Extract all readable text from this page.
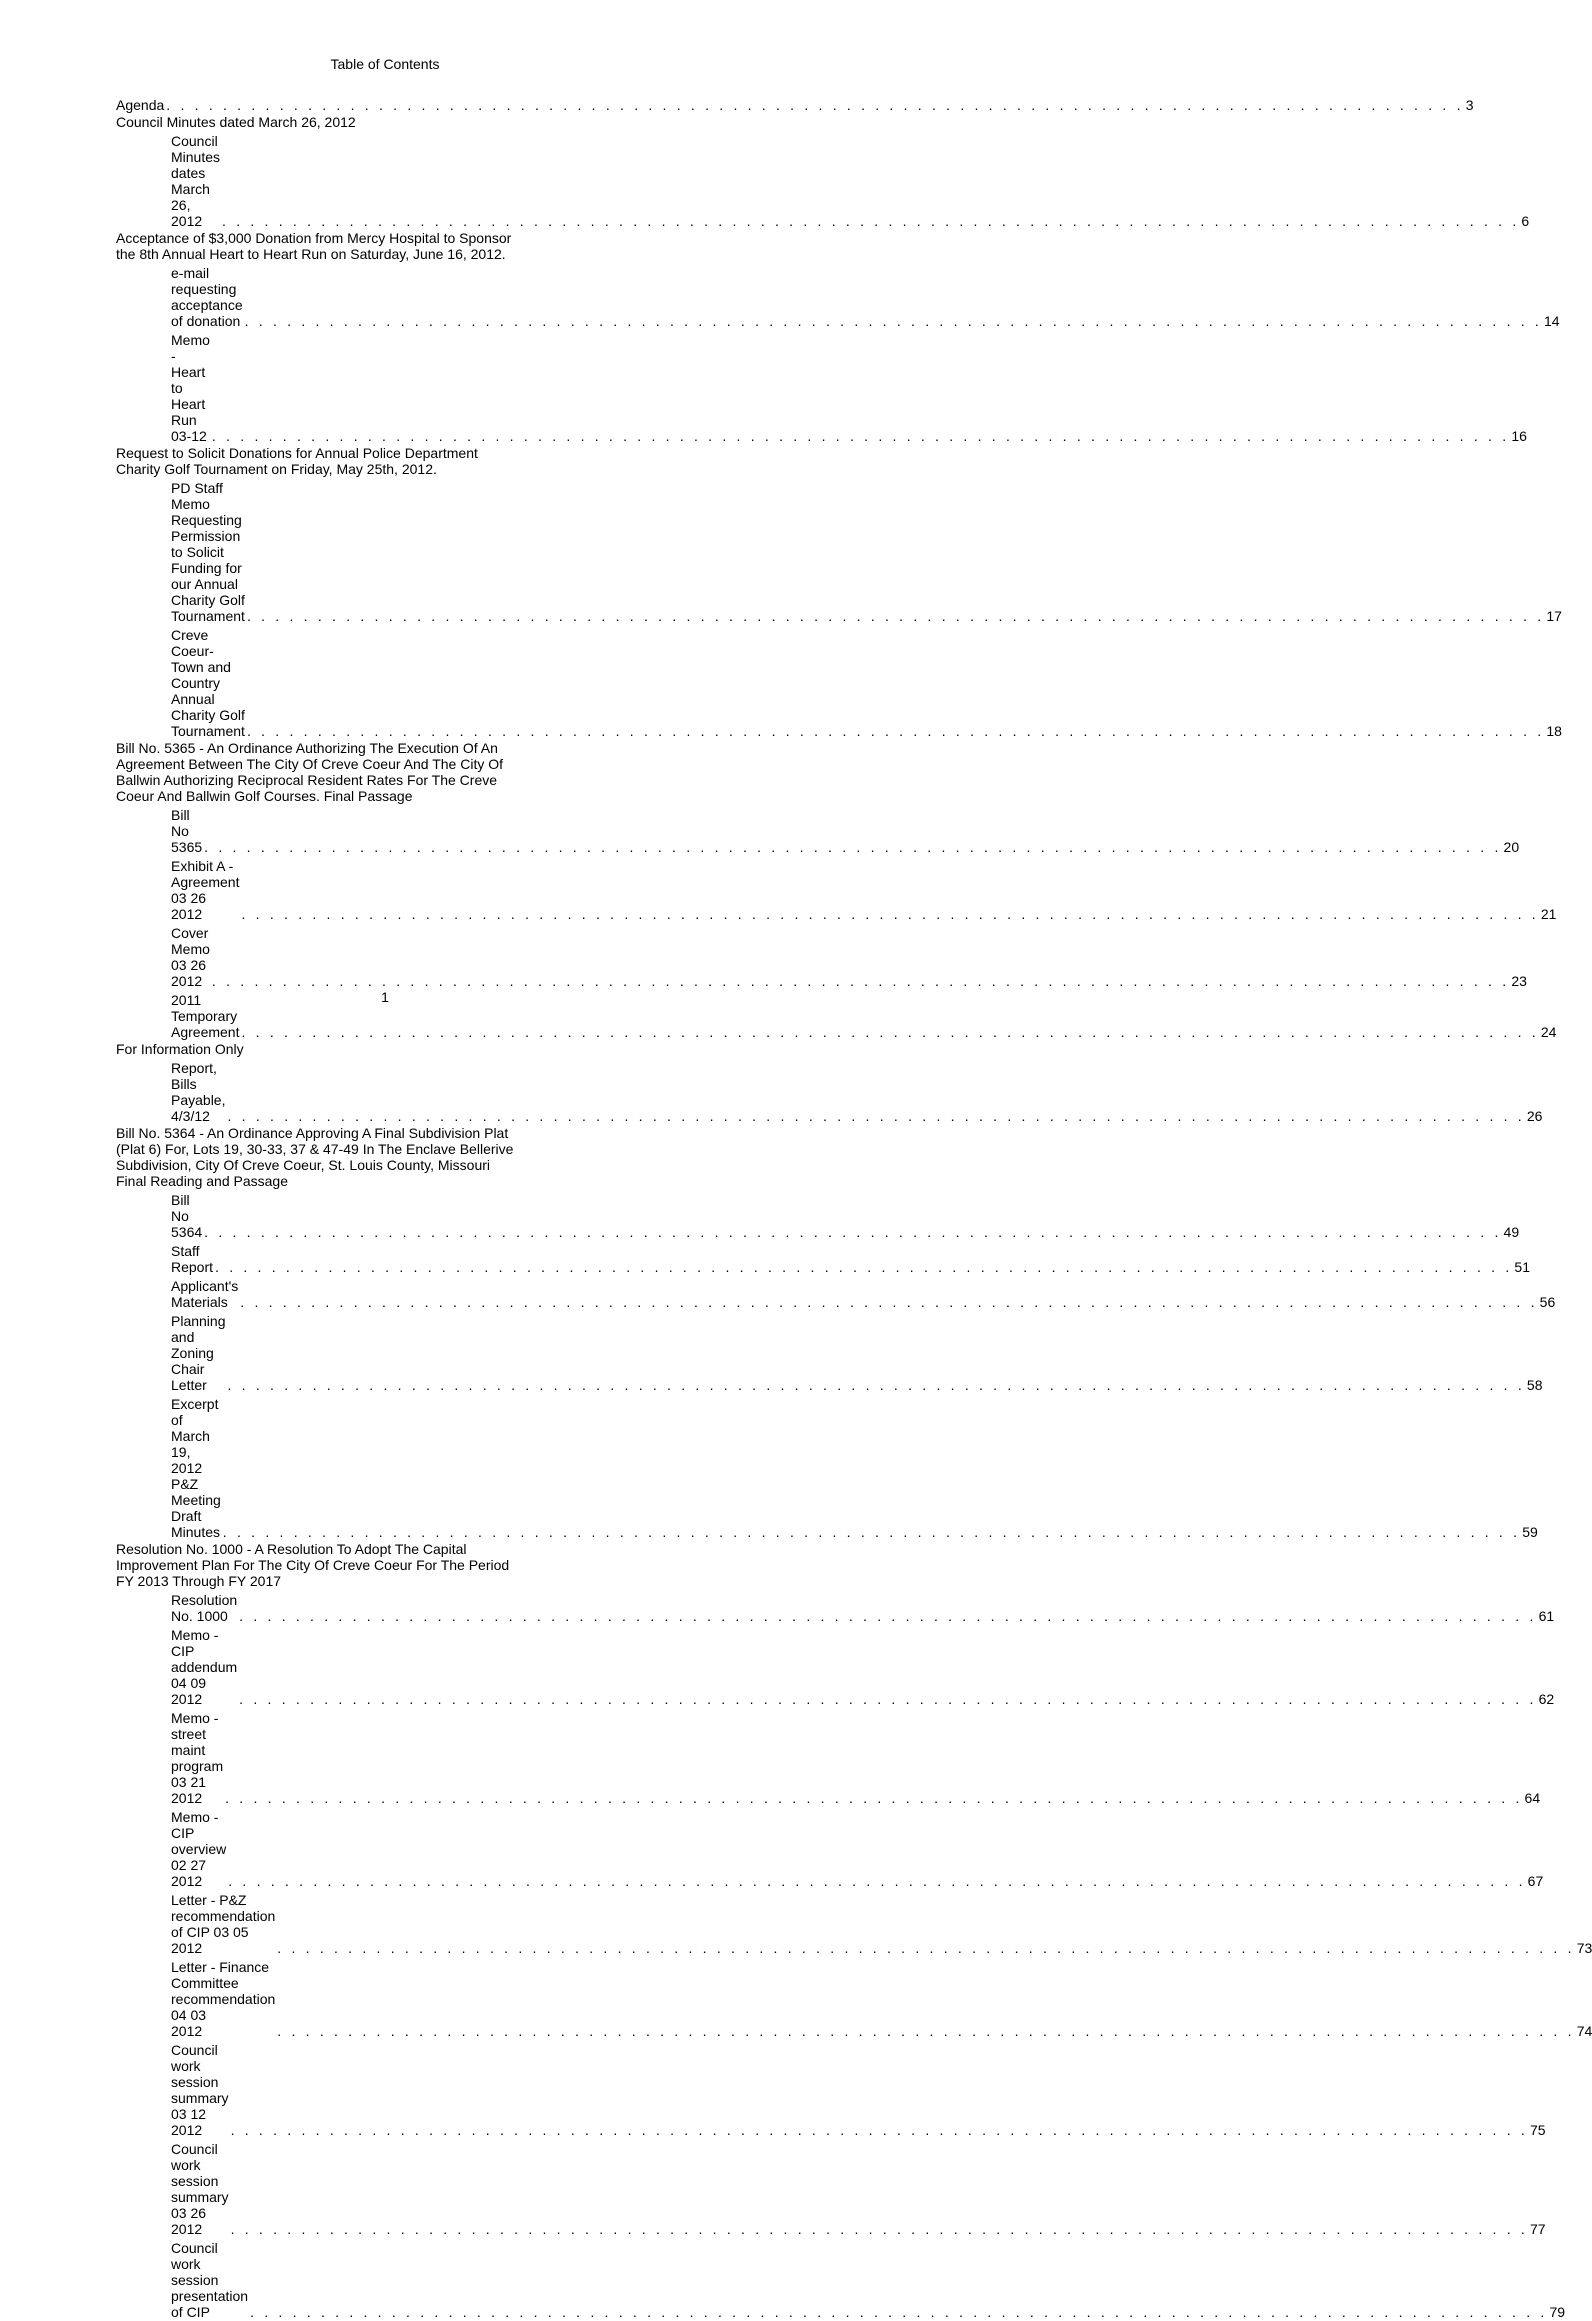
Table of Contents
Agenda . . .	3
Council Minutes dated March 26, 2012
Council Minutes dates March 26, 2012 . . .	6
Acceptance of $3,000 Donation from Mercy Hospital to Sponsor
the 8th Annual Heart to Heart Run on Saturday, June 16, 2012.
e-mail requesting acceptance of donation . . .	14
Memo - Heart to Heart Run 03-12 . . .	16
Request to Solicit Donations for Annual Police Department
Charity Golf Tournament on Friday, May 25th, 2012.
PD Staff Memo Requesting Permission to Solicit
Funding for our Annual Charity Golf Tournament . . .	17
Creve Coeur-Town and Country Annual Charity Golf
Tournament . . .	18
Bill No. 5365 - An Ordinance Authorizing The Execution Of An
Agreement Between The City Of Creve Coeur And The City Of
Ballwin Authorizing Reciprocal Resident Rates For The Creve
Coeur And Ballwin Golf Courses. Final Passage
Bill No 5365 . . .	20
Exhibit A - Agreement 03 26 2012 . . .	21
Cover Memo 03 26 2012 . . .	23
2011 Temporary Agreement . . .	24
For Information Only
Report, Bills Payable, 4/3/12 . . .	26
Bill No. 5364 - An Ordinance Approving A Final Subdivision Plat
(Plat 6) For, Lots 19, 30-33, 37 & 47-49 In The Enclave Bellerive
Subdivision, City Of Creve Coeur, St. Louis County, Missouri
Final Reading and Passage
Bill No 5364 . . .	49
Staff Report . . .	51
Applicant's Materials . . .	56
Planning and Zoning Chair Letter . . .	58
Excerpt of March 19, 2012 P&Z Meeting Draft Minutes . . .	59
Resolution No. 1000 - A Resolution To Adopt The Capital
Improvement Plan For The City Of Creve Coeur For The Period
FY 2013 Through FY 2017
Resolution No. 1000 . . .	61
Memo - CIP addendum 04 09 2012 . . .	62
Memo - street maint program 03 21 2012 . . .	64
Memo - CIP overview 02 27 2012 . . .	67
Letter - P&Z recommendation of CIP 03 05 2012 . . .	73
Letter - Finance Committee recommendation 04 03
2012 . . .	74
Council work session summary 03 12 2012 . . .	75
Council work session summary 03 26 2012 . . .	77
Council work session presentation of CIP . . .	79
1
